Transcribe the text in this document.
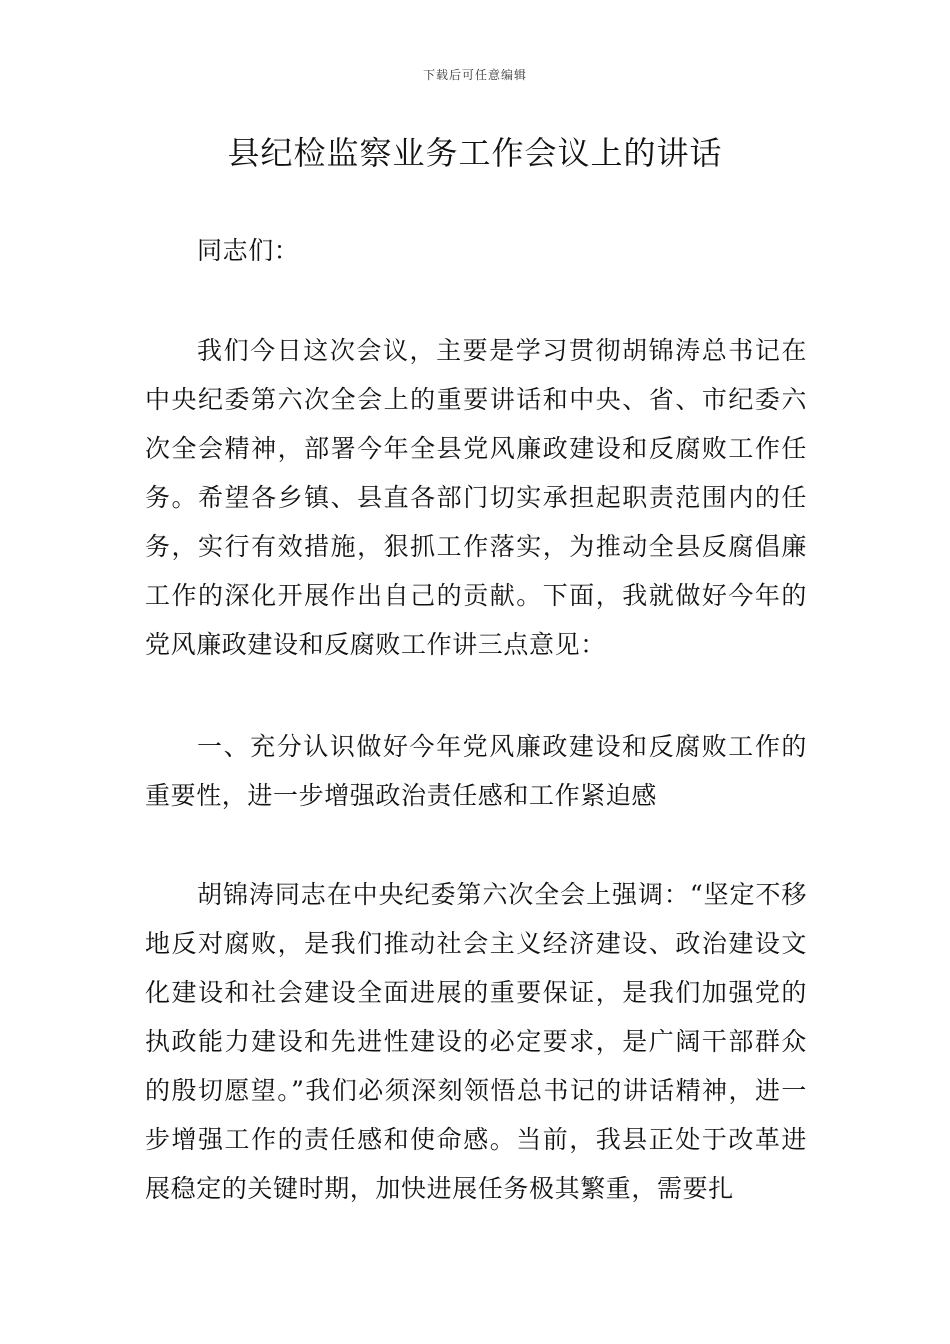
下载后可任意编辑
县纪检监察业务工作会议上的讲话

同志们：

我们今日这次会议，主要是学习贯彻胡锦涛总书记在中央纪委第六次全会上的重要讲话和中央、省、市纪委六次全会精神，部署今年全县党风廉政建设和反腐败工作任务。希望各乡镇、县直各部门切实承担起职责范围内的任务，实行有效措施，狠抓工作落实，为推动全县反腐倡廉工作的深化开展作出自己的贡献。下面，我就做好今年的党风廉政建设和反腐败工作讲三点意见：

一、充分认识做好今年党风廉政建设和反腐败工作的重要性，进一步增强政治责任感和工作紧迫感

胡锦涛同志在中央纪委第六次全会上强调：“坚定不移地反对腐败，是我们推动社会主义经济建设、政治建设文化建设和社会建设全面进展的重要保证，是我们加强党的执政能力建设和先进性建设的必定要求，是广阔干部群众的殷切愿望。”我们必须深刻领悟总书记的讲话精神，进一步增强工作的责任感和使命感。当前，我县正处于改革进展稳定的关键时期，加快进展任务极其繁重，需要扎
